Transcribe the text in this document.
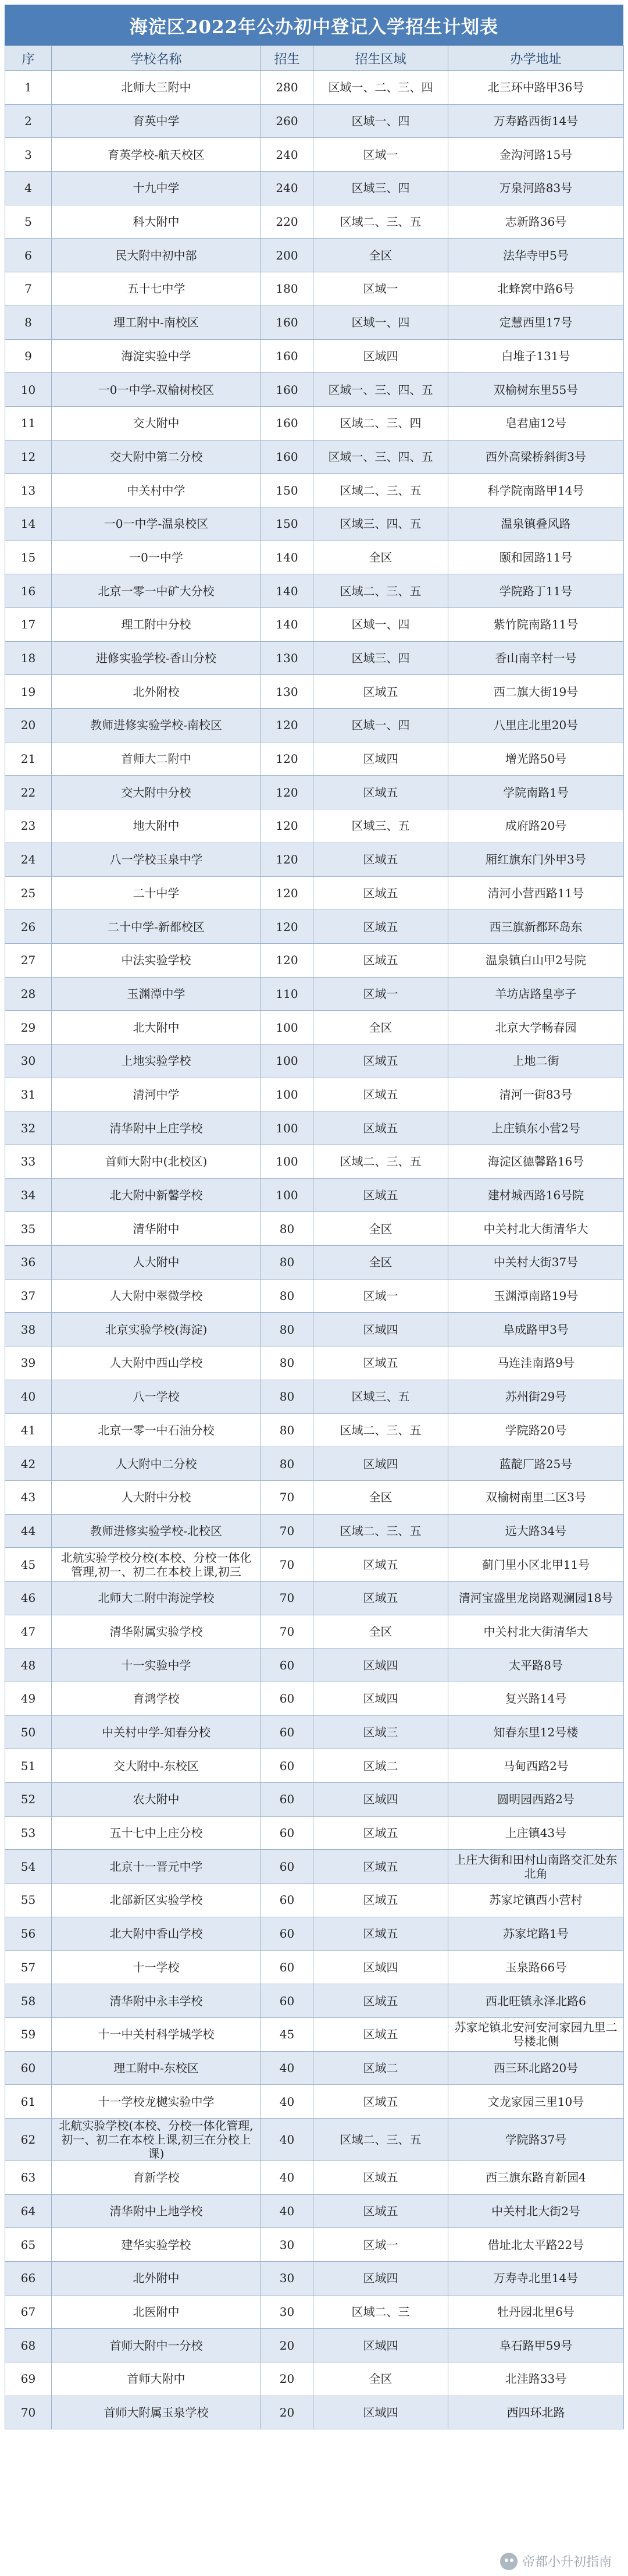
海淀区2022年公办初中登记入学招生计划表
序	学校名称	招生	招生区域	办学地址
1	北师大三附中	280	区域一、二、三、四	北三环中路甲36号
2	育英中学	260	区域一、四	万寿路西街14号
3	育英学校-航天校区	240	区域一	金沟河路15号
4	十九中学	240	区域三、四	万泉河路83号
5	科大附中	220	区域二、三、五	志新路36号
6	民大附中初中部	200	全区	法华寺甲5号
7	五十七中学	180	区域一	北蜂窝中路6号
8	理工附中-南校区	160	区域一、四	定慧西里17号
9	海淀实验中学	160	区域四	白堆子131号
10	一0一中学-双榆树校区	160	区域一、三、四、五	双榆树东里55号
11	交大附中	160	区域二、三、四	皂君庙12号
12	交大附中第二分校	160	区域一、三、四、五	西外高梁桥斜街3号
13	中关村中学	150	区域二、三、五	科学院南路甲14号
14	一0一中学-温泉校区	150	区域三、四、五	温泉镇叠风路
15	一0一中学	140	全区	颐和园路11号
16	北京一零一中矿大分校	140	区域二、三、五	学院路丁11号
17	理工附中分校	140	区域一、四	紫竹院南路11号
18	进修实验学校-香山分校	130	区域三、四	香山南辛村一号
19	北外附校	130	区域五	西二旗大街19号
20	教师进修实验学校-南校区	120	区域一、四	八里庄北里20号
21	首师大二附中	120	区域四	增光路50号
22	交大附中分校	120	区域五	学院南路1号
23	地大附中	120	区域三、五	成府路20号
24	八一学校玉泉中学	120	区域五	厢红旗东门外甲3号
25	二十中学	120	区域五	清河小营西路11号
26	二十中学-新都校区	120	区域五	西三旗新都环岛东
27	中法实验学校	120	区域五	温泉镇白山甲2号院
28	玉渊潭中学	110	区域一	羊坊店路皇亭子
29	北大附中	100	全区	北京大学畅春园
30	上地实验学校	100	区域五	上地二街
31	清河中学	100	区域五	清河一街83号
32	清华附中上庄学校	100	区域五	上庄镇东小营2号
33	首师大附中(北校区)	100	区域二、三、五	海淀区德馨路16号
34	北大附中新馨学校	100	区域五	建材城西路16号院
35	清华附中	80	全区	中关村北大街清华大
36	人大附中	80	全区	中关村大街37号
37	人大附中翠微学校	80	区域一	玉渊潭南路19号
38	北京实验学校(海淀)	80	区域四	阜成路甲3号
39	人大附中西山学校	80	区域五	马连洼南路9号
40	八一学校	80	区域三、五	苏州街29号
41	北京一零一中石油分校	80	区域二、三、五	学院路20号
42	人大附中二分校	80	区域四	蓝靛厂路25号
43	人大附中分校	70	全区	双榆树南里二区3号
44	教师进修实验学校-北校区	70	区域二、三、五	远大路34号
45	北航实验学校分校(本校、分校一体化管理,初一、初二在本校上课,初三	70	区域五	蓟门里小区北甲11号
46	北师大二附中海淀学校	70	区域五	清河宝盛里龙岗路观澜园18号
47	清华附属实验学校	70	全区	中关村北大街清华大
48	十一实验中学	60	区域四	太平路8号
49	育鸿学校	60	区域四	复兴路14号
50	中关村中学-知春分校	60	区域三	知春东里12号楼
51	交大附中-东校区	60	区域二	马甸西路2号
52	农大附中	60	区域四	圆明园西路2号
53	五十七中上庄分校	60	区域五	上庄镇43号
54	北京十一晋元中学	60	区域五	上庄大街和田村山南路交汇处东北角
55	北部新区实验学校	60	区域五	苏家坨镇西小营村
56	北大附中香山学校	60	区域五	苏家坨路1号
57	十一学校	60	区域四	玉泉路66号
58	清华附中永丰学校	60	区域五	西北旺镇永泽北路6
59	十一中关村科学城学校	45	区域五	苏家坨镇北安河安河家园九里二号楼北侧
60	理工附中-东校区	40	区域二	西三环北路20号
61	十一学校龙樾实验中学	40	区域五	文龙家园三里10号
62	北航实验学校(本校、分校一体化管理,初一、初二在本校上课,初三在分校上课)	40	区域二、三、五	学院路37号
63	育新学校	40	区域五	西三旗东路育新园4
64	清华附中上地学校	40	区域五	中关村北大街2号
65	建华实验学校	30	区域一	借址北太平路22号
66	北外附中	30	区域四	万寿寺北里14号
67	北医附中	30	区域二、三	牡丹园北里6号
68	首师大附中一分校	20	区域四	阜石路甲59号
69	首师大附中	20	全区	北洼路33号
70	首师大附属玉泉学校	20	区域四	西四环北路
帝都小升初指南
